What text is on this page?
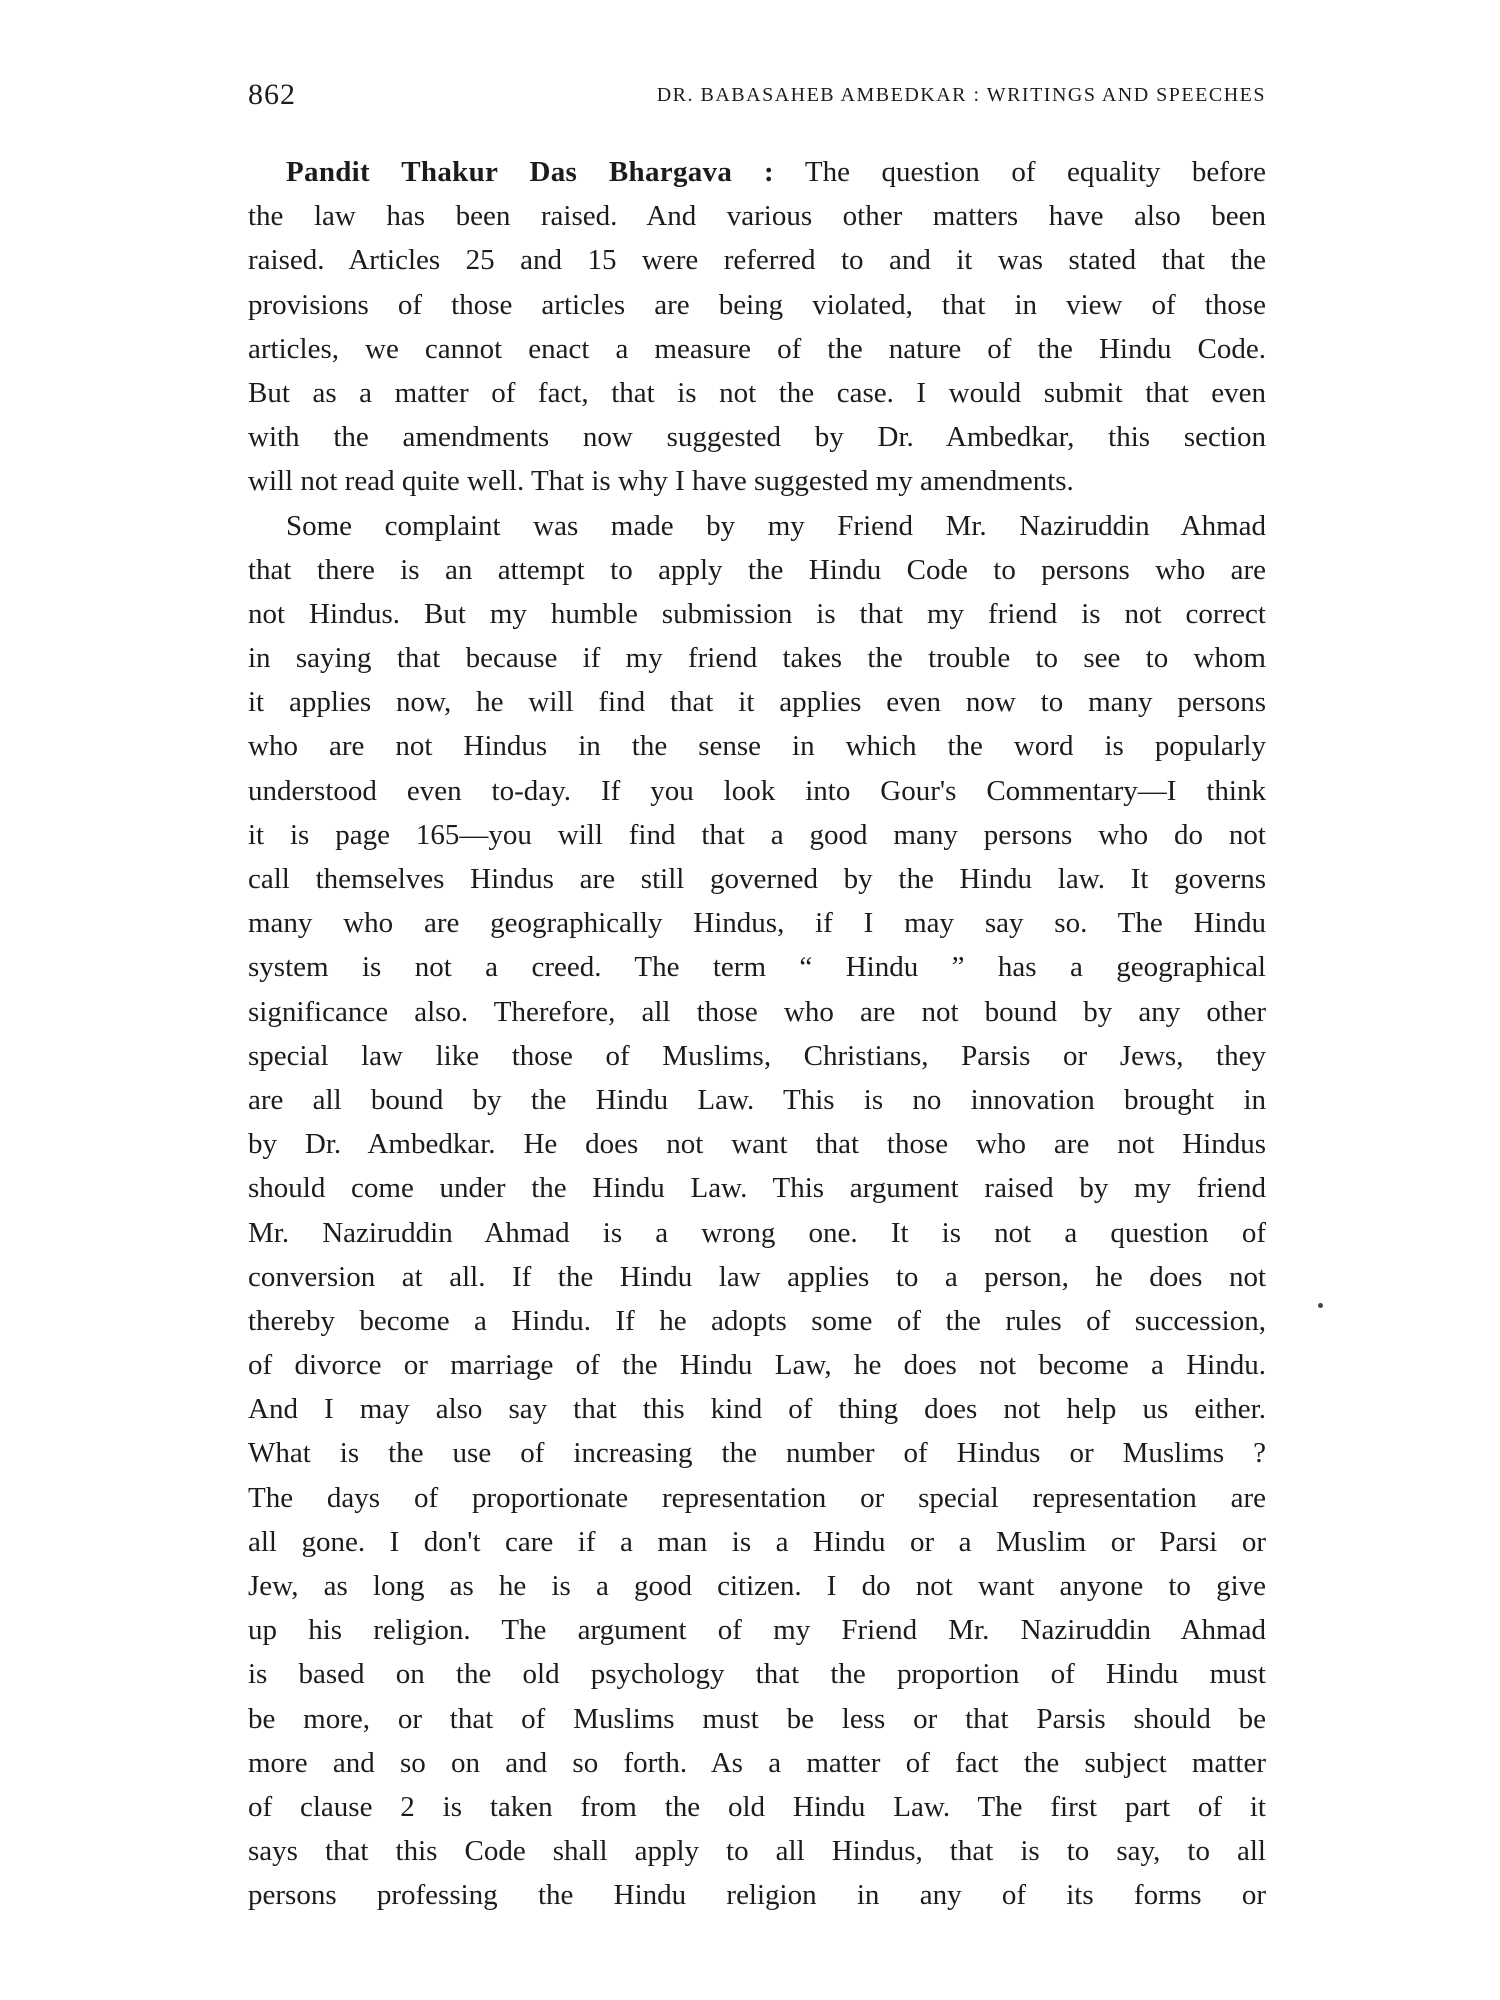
862	DR. BABASAHEB AMBEDKAR : WRITINGS AND SPEECHES
Pandit Thakur Das Bhargava : The question of equality before
the law has been raised. And various other matters have also been
raised. Articles 25 and 15 were referred to and it was stated that the
provisions of those articles are being violated, that in view of those
articles, we cannot enact a measure of the nature of the Hindu Code.
But as a matter of fact, that is not the case. I would submit that even
with the amendments now suggested by Dr. Ambedkar, this section
will not read quite well. That is why I have suggested my amendments.
Some complaint was made by my Friend Mr. Naziruddin Ahmad
that there is an attempt to apply the Hindu Code to persons who are
not Hindus. But my humble submission is that my friend is not correct
in saying that because if my friend takes the trouble to see to whom
it applies now, he will find that it applies even now to many persons
who are not Hindus in the sense in which the word is popularly
understood even to-day. If you look into Gour's Commentary—I think
it is page 165—you will find that a good many persons who do not
call themselves Hindus are still governed by the Hindu law. It governs
many who are geographically Hindus, if I may say so. The Hindu
system is not a creed. The term “ Hindu ” has a geographical
significance also. Therefore, all those who are not bound by any other
special law like those of Muslims, Christians, Parsis or Jews, they
are all bound by the Hindu Law. This is no innovation brought in
by Dr. Ambedkar. He does not want that those who are not Hindus
should come under the Hindu Law. This argument raised by my friend
Mr. Naziruddin Ahmad is a wrong one. It is not a question of
conversion at all. If the Hindu law applies to a person, he does not
thereby become a Hindu. If he adopts some of the rules of succession,
of divorce or marriage of the Hindu Law, he does not become a Hindu.
And I may also say that this kind of thing does not help us either.
What is the use of increasing the number of Hindus or Muslims ?
The days of proportionate representation or special representation are
all gone. I don't care if a man is a Hindu or a Muslim or Parsi or
Jew, as long as he is a good citizen. I do not want anyone to give
up his religion. The argument of my Friend Mr. Naziruddin Ahmad
is based on the old psychology that the proportion of Hindu must
be more, or that of Muslims must be less or that Parsis should be
more and so on and so forth. As a matter of fact the subject matter
of clause 2 is taken from the old Hindu Law. The first part of it
says that this Code shall apply to all Hindus, that is to say, to all
persons professing the Hindu religion in any of its forms or
